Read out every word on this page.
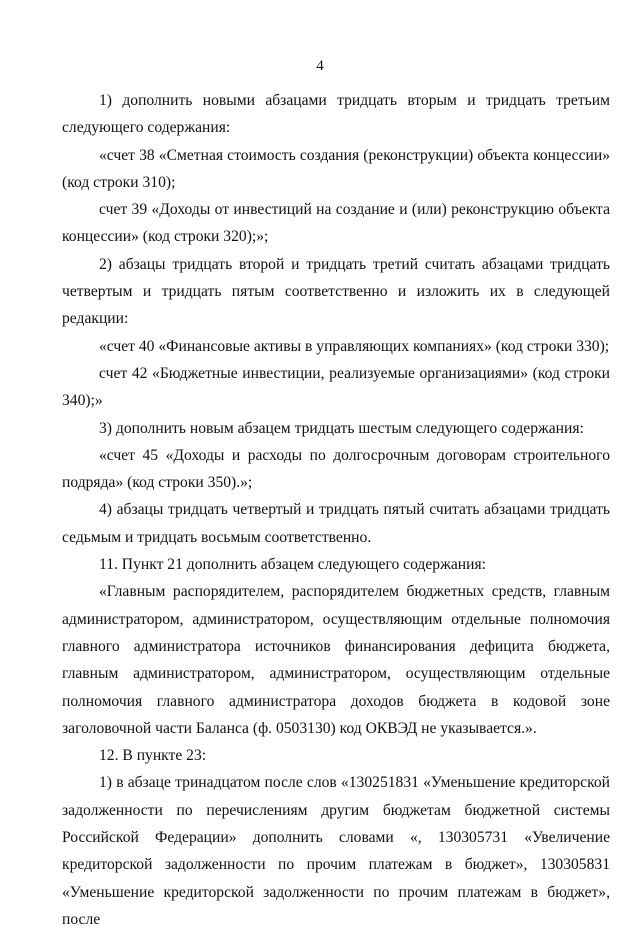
4

1) дополнить новыми абзацами тридцать вторым и тридцать третьим следующего содержания:

«счет 38 «Сметная стоимость создания (реконструкции) объекта концессии» (код строки 310);

счет 39 «Доходы от инвестиций на создание и (или) реконструкцию объекта концессии» (код строки 320);»;

2) абзацы тридцать второй и тридцать третий считать абзацами тридцать четвертым и тридцать пятым соответственно и изложить их в следующей редакции:

«счет 40 «Финансовые активы в управляющих компаниях» (код строки 330);

счет 42 «Бюджетные инвестиции, реализуемые организациями» (код строки 340);»

3) дополнить новым абзацем тридцать шестым следующего содержания:

«счет 45 «Доходы и расходы по долгосрочным договорам строительного подряда» (код строки 350).»;

4) абзацы тридцать четвертый и тридцать пятый считать абзацами тридцать седьмым и тридцать восьмым соответственно.

11. Пункт 21 дополнить абзацем следующего содержания:

«Главным распорядителем, распорядителем бюджетных средств, главным администратором, администратором, осуществляющим отдельные полномочия главного администратора источников финансирования дефицита бюджета, главным администратором, администратором, осуществляющим отдельные полномочия главного администратора доходов бюджета в кодовой зоне заголовочной части Баланса (ф. 0503130) код ОКВЭД не указывается.».

12. В пункте 23:

1) в абзаце тринадцатом после слов «130251831 «Уменьшение кредиторской задолженности по перечислениям другим бюджетам бюджетной системы Российской Федерации» дополнить словами «, 130305731 «Увеличение кредиторской задолженности по прочим платежам в бюджет», 130305831 «Уменьшение кредиторской задолженности по прочим платежам в бюджет», после
